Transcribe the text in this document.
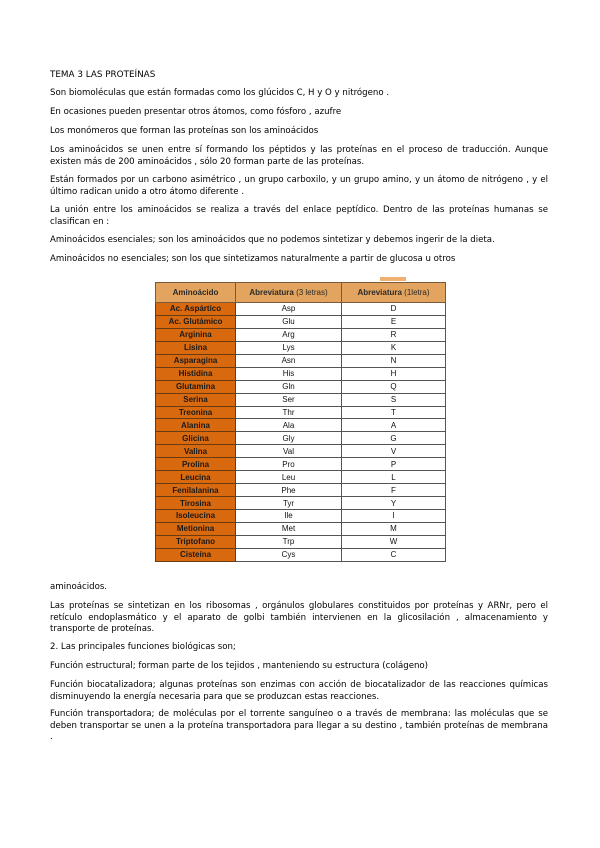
TEMA 3 LAS PROTEÍNAS

Son biomoléculas que están formadas como los glúcidos C, H y O y nitrógeno .

En ocasiones pueden presentar otros átomos, como fósforo , azufre

Los monómeros que forman las proteínas son los aminoácidos

Los aminoácidos se unen entre sí formando los péptidos y las proteínas en el proceso de traducción. Aunque existen más de 200 aminoácidos , sólo 20 forman parte de las proteínas.

Están formados por un carbono asimétrico , un grupo carboxilo, y un grupo amino, y un átomo de nitrógeno , y el último radican unido a otro átomo diferente .

La unión entre los aminoácidos se realiza a través del enlace peptídico. Dentro de las proteínas humanas se clasifican en :

Aminoácidos esenciales; son los aminoácidos que no podemos sintetizar y debemos ingerir de la dieta.

Aminoácidos no esenciales; son los que sintetizamos naturalmente a partir de glucosa u otros

Aminoácido	Abreviatura (3 letras)	Abreviatura (1letra)
Ac. Aspártico	Asp	D
Ac. Glutámico	Glu	E
Arginina	Arg	R
Lisina	Lys	K
Asparagina	Asn	N
Histidina	His	H
Glutamina	Gln	Q
Serina	Ser	S
Treonina	Thr	T
Alanina	Ala	A
Glicina	Gly	G
Valina	Val	V
Prolina	Pro	P
Leucina	Leu	L
Fenilalanina	Phe	F
Tirosina	Tyr	Y
Isoleucina	Ile	I
Metionina	Met	M
Triptofano	Trp	W
Cisteína	Cys	C

aminoácidos.

Las proteínas se sintetizan en los ribosomas , orgánulos globulares constituidos por proteínas y ARNr, pero el retículo endoplasmático y el aparato de golbi también intervienen en la glicosilación , almacenamiento y transporte de proteínas.

2. Las principales funciones biológicas son;

Función estructural; forman parte de los tejidos , manteniendo su estructura (colágeno)

Función biocatalizadora; algunas proteínas son enzimas con acción de biocatalizador de las reacciones químicas disminuyendo la energía necesaria para que se produzcan estas reacciones.

Función transportadora; de moléculas por el torrente sanguíneo o a través de membrana: las moléculas que se deben transportar se unen a la proteína transportadora para llegar a su destino , también proteínas de membrana .
